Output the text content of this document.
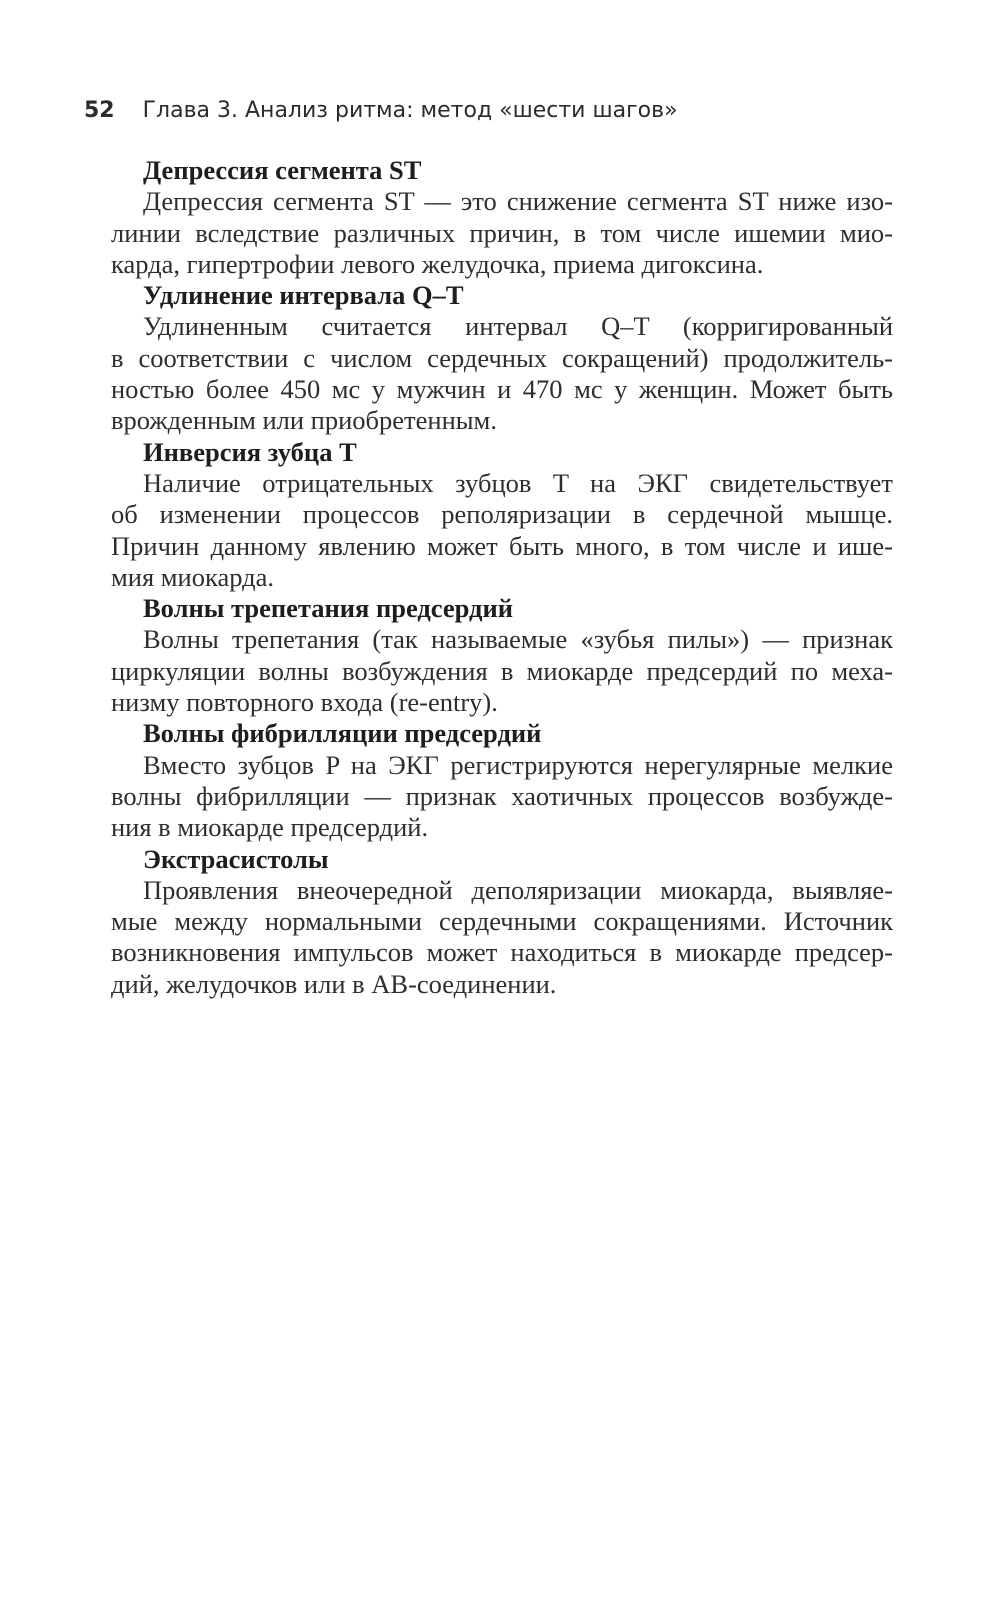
52 Глава 3. Анализ ритма: метод «шести шагов»
Депрессия сегмента ST

Депрессия сегмента ST — это снижение сегмента ST ниже изо-
линии вследствие различных причин, в том числе ишемии мио-
карда, гипертрофии левого желудочка, приема дигоксина.

Удлинение интервала Q–T

Удлиненным считается интервал Q–T (корригированный
в соответствии с числом сердечных сокращений) продолжитель-
ностью более 450 мс у мужчин и 470 мс у женщин. Может быть
врожденным или приобретенным.

Инверсия зубца T

Наличие отрицательных зубцов T на ЭКГ свидетельствует
об изменении процессов реполяризации в сердечной мышце.
Причин данному явлению может быть много, в том числе и ише-
мия миокарда.

Волны трепетания предсердий

Волны трепетания (так называемые «зубья пилы») — признак
циркуляции волны возбуждения в миокарде предсердий по меха-
низму повторного входа (re-entry).

Волны фибрилляции предсердий

Вместо зубцов P на ЭКГ регистрируются нерегулярные мелкие
волны фибрилляции — признак хаотичных процессов возбужде-
ния в миокарде предсердий.

Экстрасистолы

Проявления внеочередной деполяризации миокарда, выявляе-
мые между нормальными сердечными сокращениями. Источник
возникновения импульсов может находиться в миокарде предсер-
дий, желудочков или в АВ-соединении.
